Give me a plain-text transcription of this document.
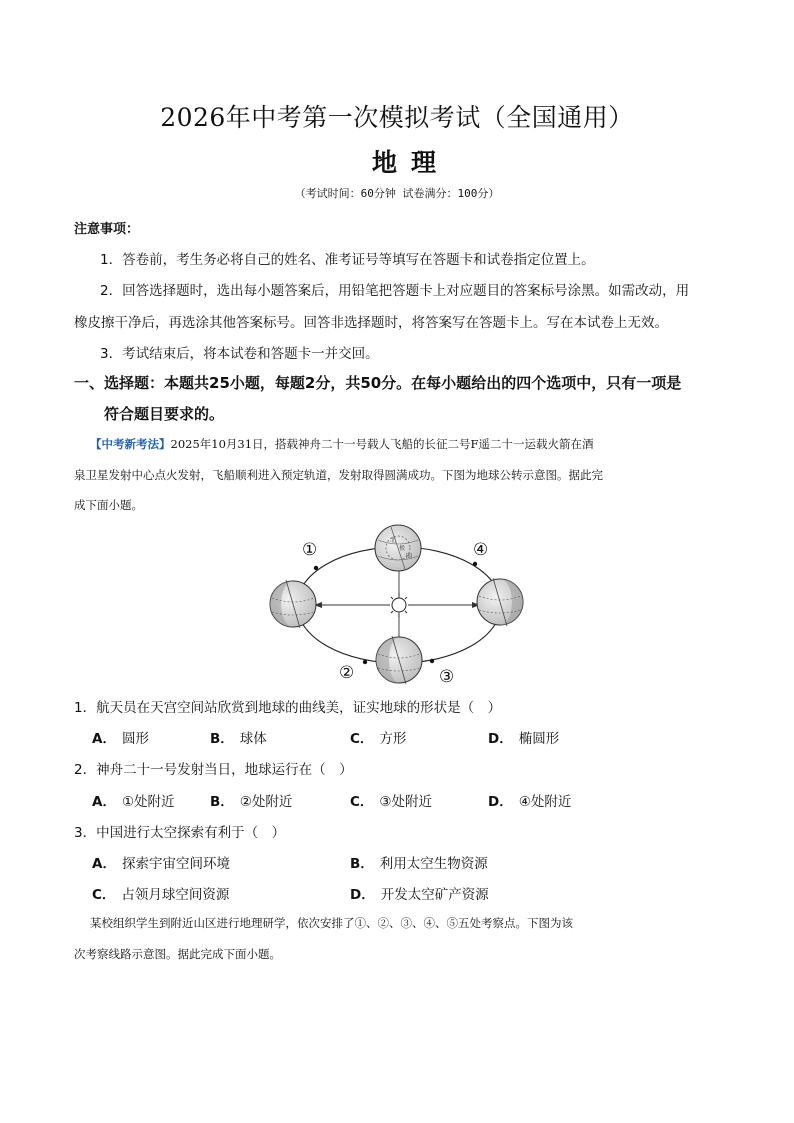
2026年中考第一次模拟考试（全国通用）
地理
（考试时间：60分钟 试卷满分：100分）
注意事项：
1．答卷前，考生务必将自己的姓名、准考证号等填写在答题卡和试卷指定位置上。
2．回答选择题时，选出每小题答案后，用铅笔把答题卡上对应题目的答案标号涂黑。如需改动，用
橡皮擦干净后，再选涂其他答案标号。回答非选择题时，将答案写在答题卡上。写在本试卷上无效。
3．考试结束后，将本试卷和答题卡一并交回。
一、选择题：本题共25小题，每题2分，共50分。在每小题给出的四个选项中，只有一项是
符合题目要求的。
【中考新考法】2025年10月31日，搭载神舟二十一号载人飞船的长征二号F遥二十一运载火箭在酒
泉卫星发射中心点火发射，飞船顺利进入预定轨道，发射取得圆满成功。下图为地球公转示意图。据此完
成下面小题。
北
极
圈
①
②	③
④
1．航天员在天宫空间站欣赏到地球的曲线美，证实地球的形状是（　）
A． 圆形	B． 球体	C． 方形	D． 椭圆形
2．神舟二十一号发射当日，地球运行在（　）
A． ①处附近	B． ②处附近	C． ③处附近	D． ④处附近
3．中国进行太空探索有利于（　）
A． 探索宇宙空间环境	B． 利用太空生物资源
C． 占领月球空间资源	D． 开发太空矿产资源
某校组织学生到附近山区进行地理研学，依次安排了①、②、③、④、⑤五处考察点。下图为该
次考察线路示意图。据此完成下面小题。
